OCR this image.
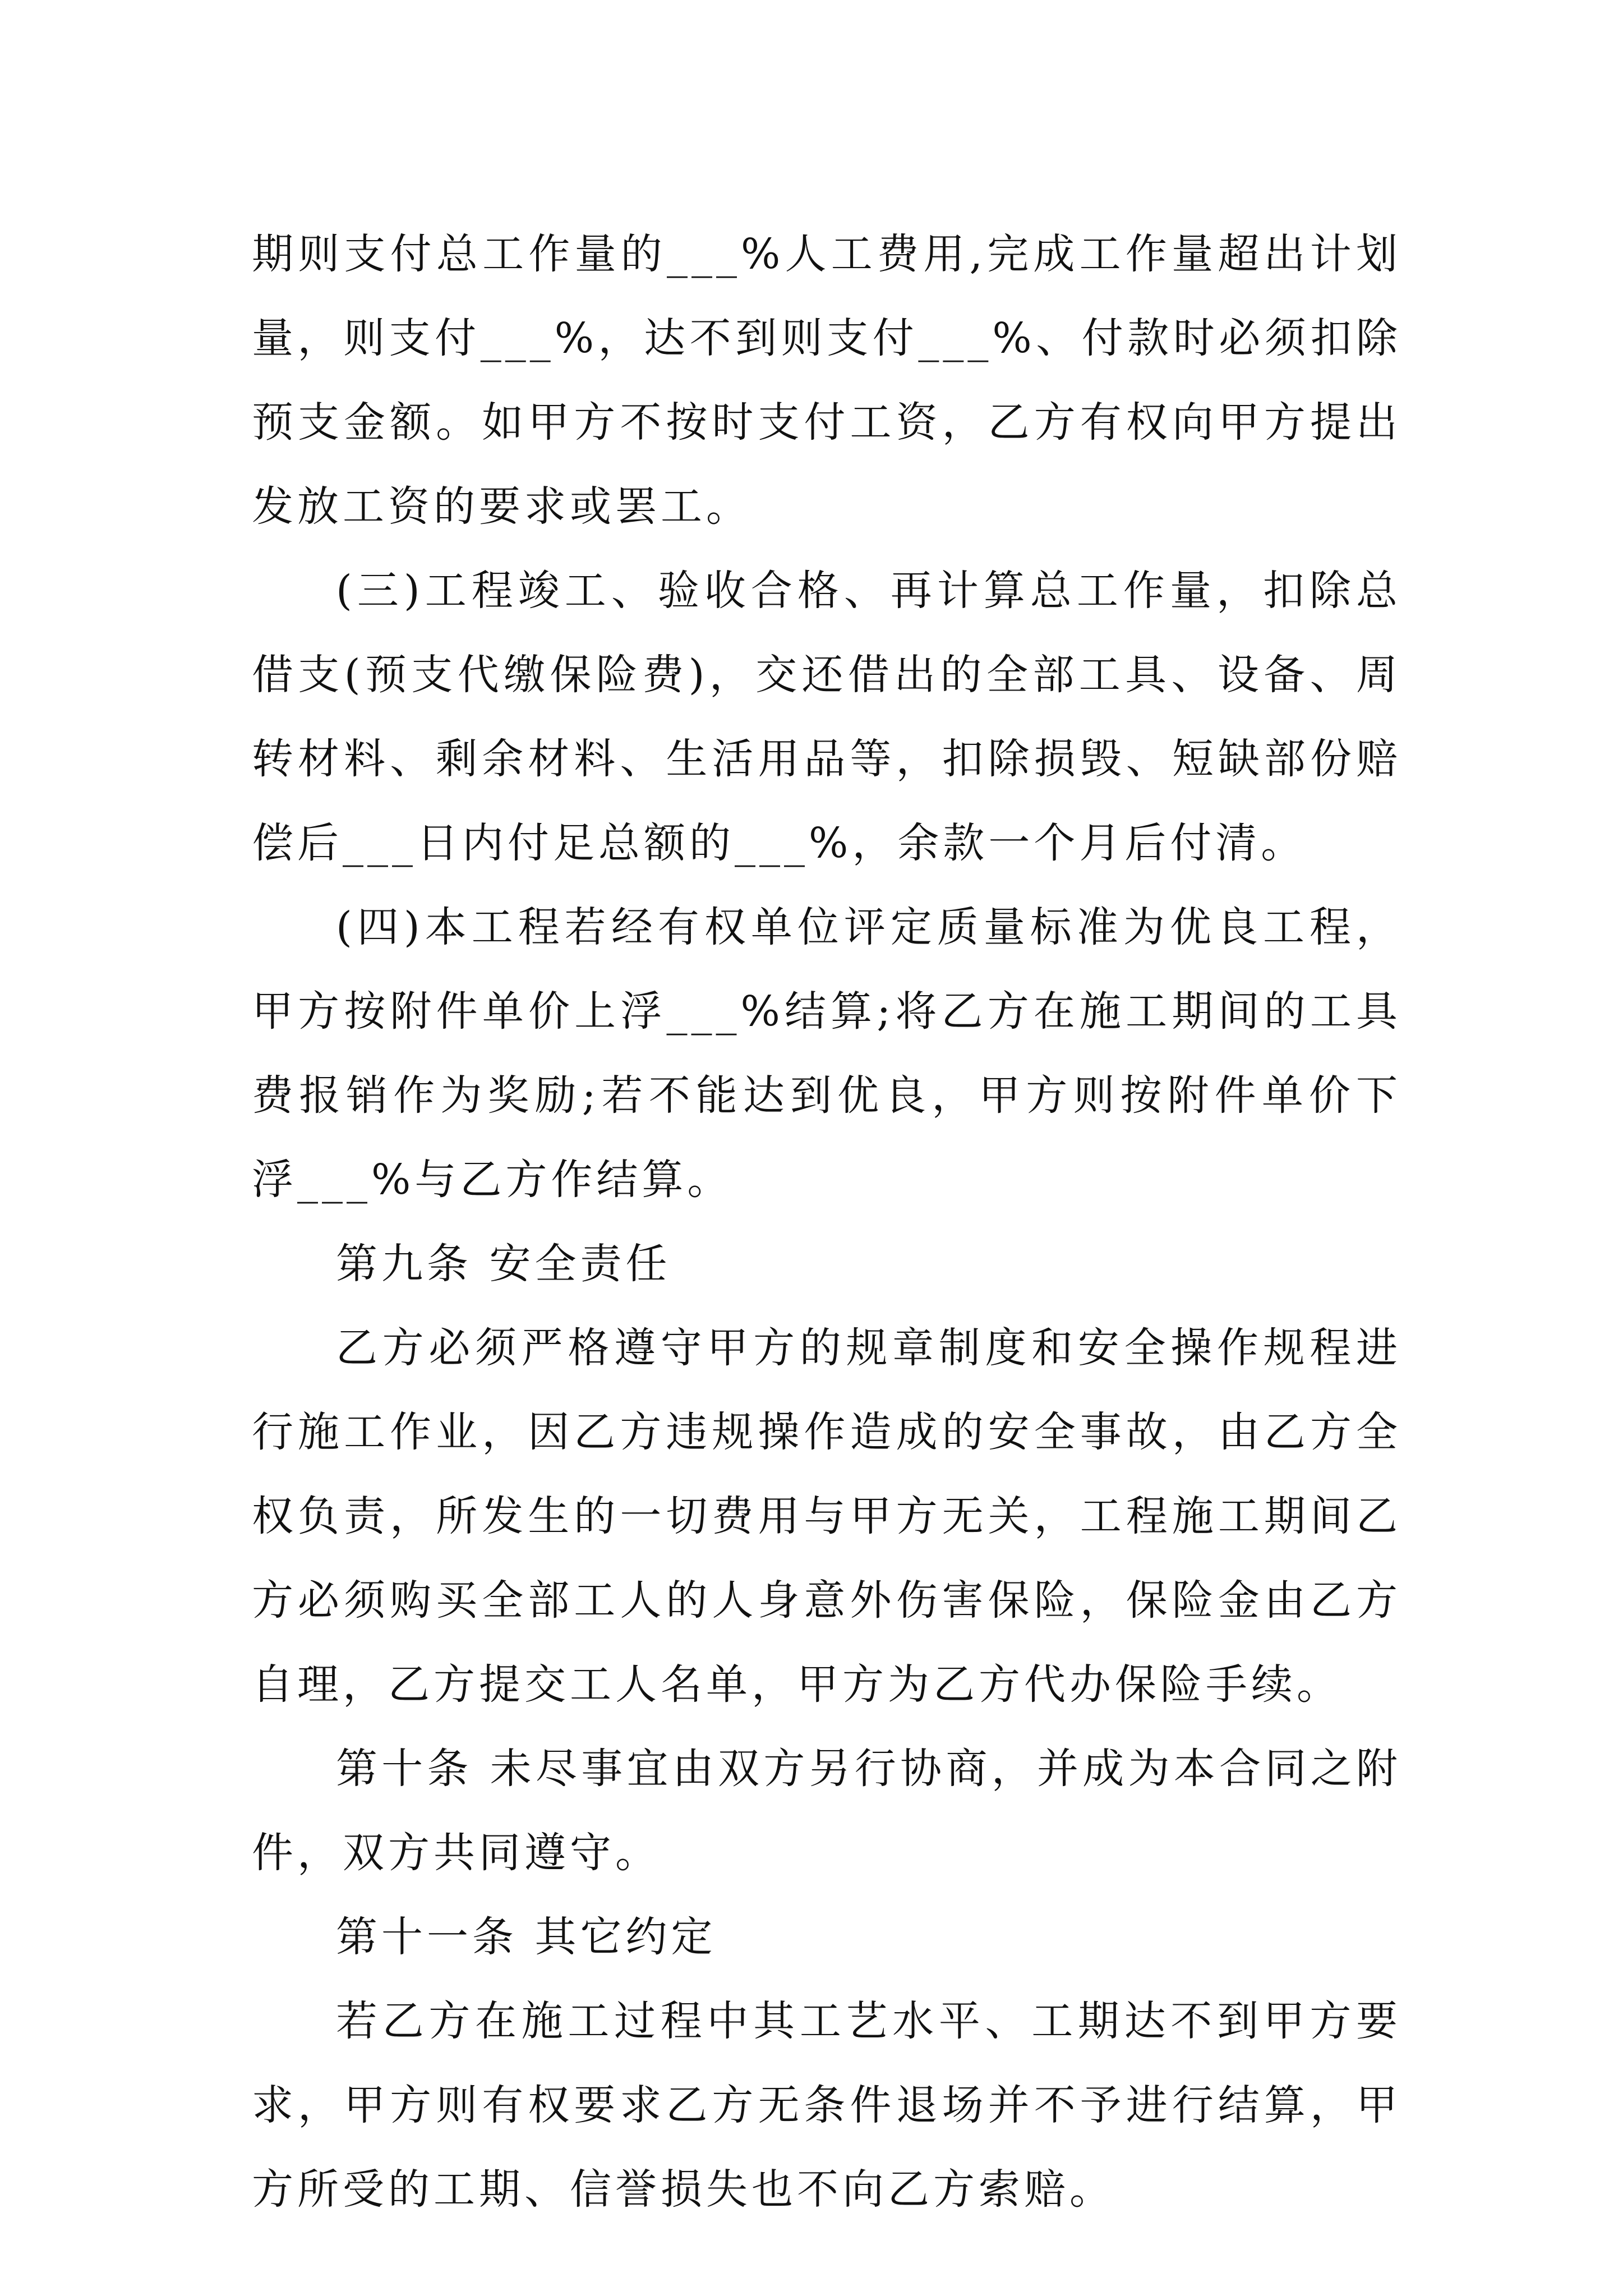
期则支付总工作量的___%人工费用,完成工作量超出计划量，则支付___%，达不到则支付___%、付款时必须扣除预支金额。如甲方不按时支付工资，乙方有权向甲方提出发放工资的要求或罢工。

(三)工程竣工、验收合格、再计算总工作量，扣除总借支(预支代缴保险费)，交还借出的全部工具、设备、周转材料、剩余材料、生活用品等，扣除损毁、短缺部份赔偿后___日内付足总额的___%，余款一个月后付清。

(四)本工程若经有权单位评定质量标准为优良工程，甲方按附件单价上浮___%结算;将乙方在施工期间的工具费报销作为奖励;若不能达到优良，甲方则按附件单价下浮___%与乙方作结算。

第九条 安全责任

乙方必须严格遵守甲方的规章制度和安全操作规程进行施工作业，因乙方违规操作造成的安全事故，由乙方全权负责，所发生的一切费用与甲方无关，工程施工期间乙方必须购买全部工人的人身意外伤害保险，保险金由乙方自理，乙方提交工人名单，甲方为乙方代办保险手续。

第十条 未尽事宜由双方另行协商，并成为本合同之附件，双方共同遵守。

第十一条 其它约定

若乙方在施工过程中其工艺水平、工期达不到甲方要求，甲方则有权要求乙方无条件退场并不予进行结算，甲方所受的工期、信誉损失也不向乙方索赔。
